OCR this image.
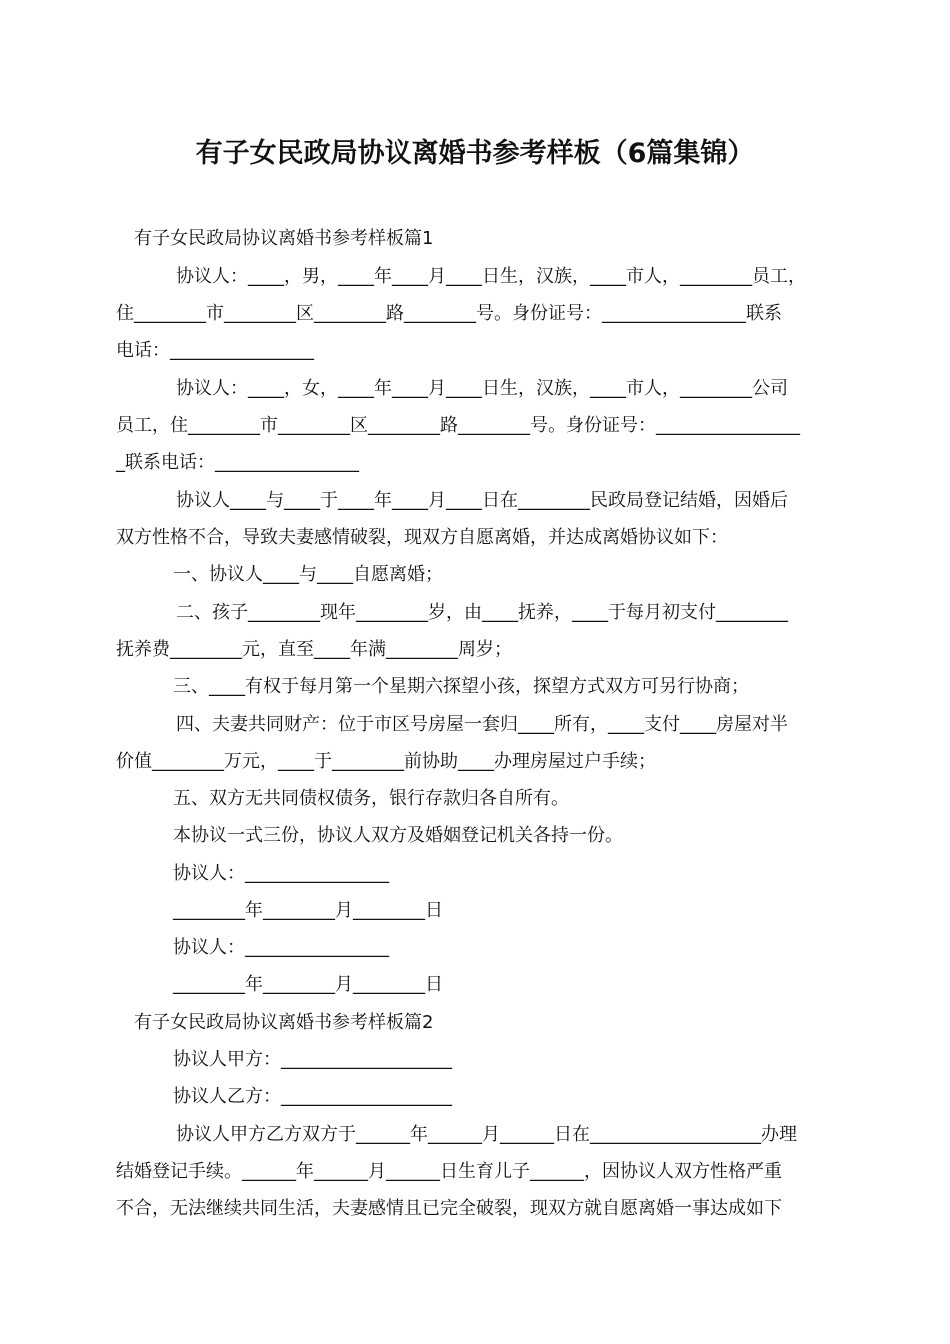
有子女民政局协议离婚书参考样板（6篇集锦）
有子女民政局协议离婚书参考样板篇1
协议人：____，男，____年____月____日生，汉族，____市人，________员工，
住________市________区________路________号。身份证号：________________联系
电话：________________
协议人：____，女，____年____月____日生，汉族，____市人，________公司
员工，住________市________区________路________号。身份证号：________________
_联系电话：________________
协议人____与____于____年____月____日在________民政局登记结婚，因婚后
双方性格不合，导致夫妻感情破裂，现双方自愿离婚，并达成离婚协议如下：
一、协议人____与____自愿离婚；
二、孩子________现年________岁，由____抚养，____于每月初支付________
抚养费________元，直至____年满________周岁；
三、____有权于每月第一个星期六探望小孩，探望方式双方可另行协商；
四、夫妻共同财产：位于市区号房屋一套归____所有，____支付____房屋对半
价值________万元，____于________前协助____办理房屋过户手续；
五、双方无共同债权债务，银行存款归各自所有。
本协议一式三份，协议人双方及婚姻登记机关各持一份。
协议人：________________
________年________月________日
协议人：________________
________年________月________日
有子女民政局协议离婚书参考样板篇2
协议人甲方：___________________
协议人乙方：___________________
协议人甲方乙方双方于______年______月______日在___________________办理
结婚登记手续。______年______月______日生育儿子______，因协议人双方性格严重
不合，无法继续共同生活，夫妻感情且已完全破裂，现双方就自愿离婚一事达成如下
